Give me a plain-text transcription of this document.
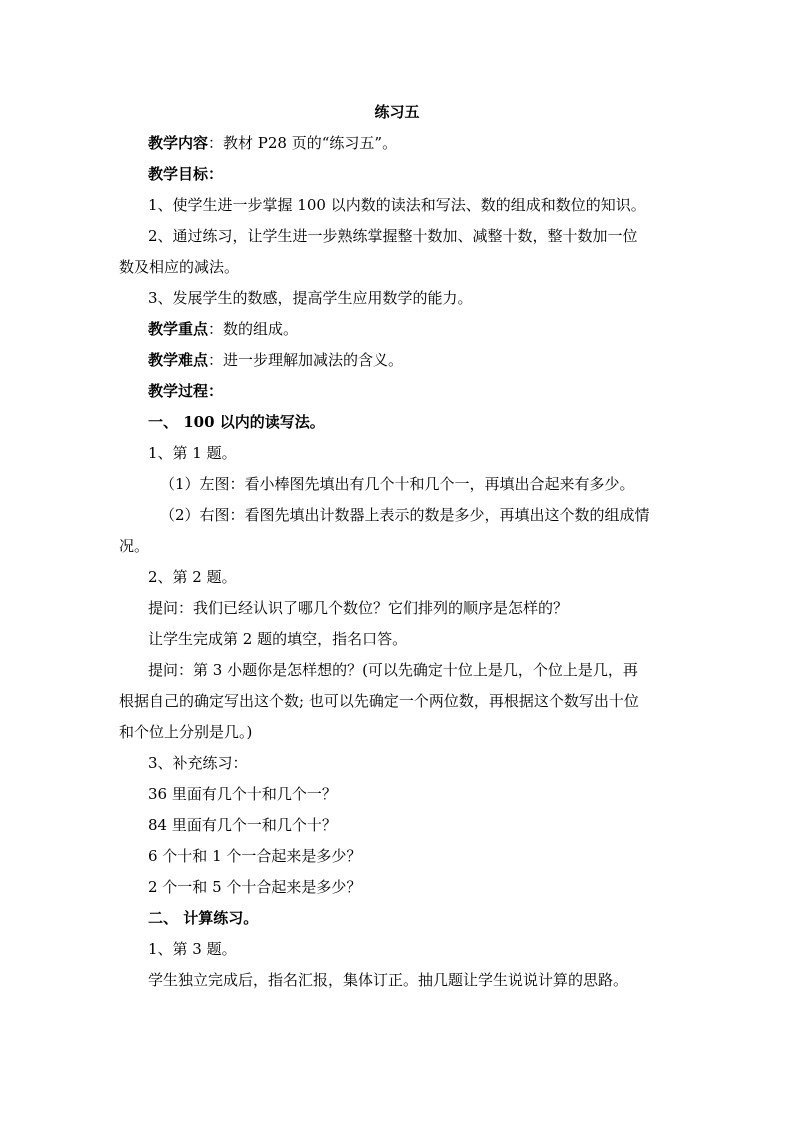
练习五
教学内容：教材 P28 页的“练习五”。
教学目标：
1、使学生进一步掌握 100 以内数的读法和写法、数的组成和数位的知识。
2、通过练习，让学生进一步熟练掌握整十数加、减整十数，整十数加一位
数及相应的减法。
3、发展学生的数感，提高学生应用数学的能力。
教学重点：数的组成。
教学难点：进一步理解加减法的含义。
教学过程：
一、 100 以内的读写法。
1、第 1 题。
（1）左图：看小棒图先填出有几个十和几个一，再填出合起来有多少。
（2）右图：看图先填出计数器上表示的数是多少，再填出这个数的组成情
况。
2、第 2 题。
提问：我们已经认识了哪几个数位？它们排列的顺序是怎样的？
让学生完成第 2 题的填空，指名口答。
提问：第 3 小题你是怎样想的？(可以先确定十位上是几，个位上是几，再
根据自己的确定写出这个数; 也可以先确定一个两位数，再根据这个数写出十位
和个位上分别是几。)
3、补充练习：
36 里面有几个十和几个一？
84 里面有几个一和几个十？
6 个十和 1 个一合起来是多少？
2 个一和 5 个十合起来是多少？
二、 计算练习。
1、第 3 题。
学生独立完成后，指名汇报，集体订正。抽几题让学生说说计算的思路。
